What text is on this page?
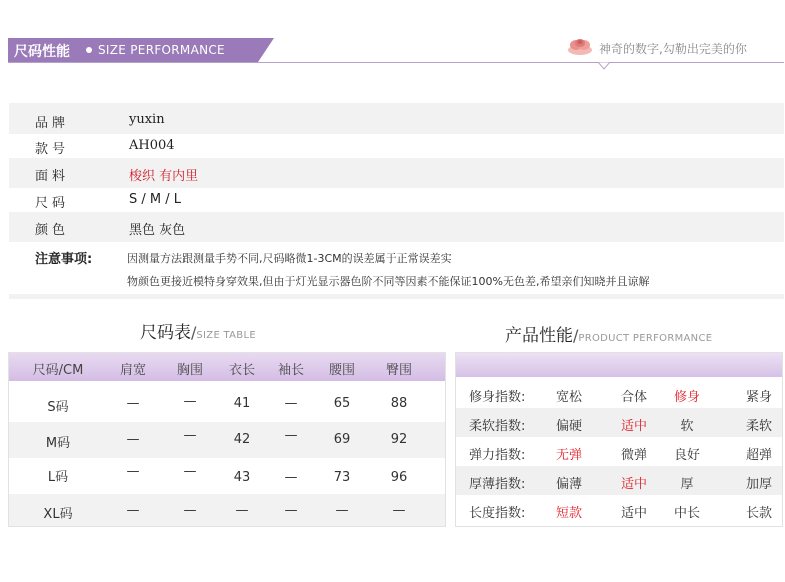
尺码性能 SIZE PERFORMANCE	神奇的数字,勾勒出完美的你
品牌	yuxin
款号	AH004
面料	梭织 有内里
尺码	S / M / L
颜色	黑色 灰色
注意事项:	因测量方法跟测量手势不同,尺码略微1-3CM的误差属于正常误差实
物颜色更接近模特身穿效果,但由于灯光显示器色阶不同等因素不能保证100%无色差,希望亲们知晓并且谅解
尺码表/SIZE TABLE	产品性能/PRODUCT PERFORMANCE
尺码/CM	肩宽	胸围	衣长	袖长	腰围	臀围
S码	—	—	41	—	65	88
M码	—	—	42	—	69	92
L码	—	—	43	—	73	96
XL码	—	—	—	—	—	—
修身指数:	宽松	合体	修身	紧身
柔软指数:	偏硬	适中	软	柔软
弹力指数:	无弹	微弹	良好	超弹
厚薄指数:	偏薄	适中	厚	加厚
长度指数:	短款	适中	中长	长款
